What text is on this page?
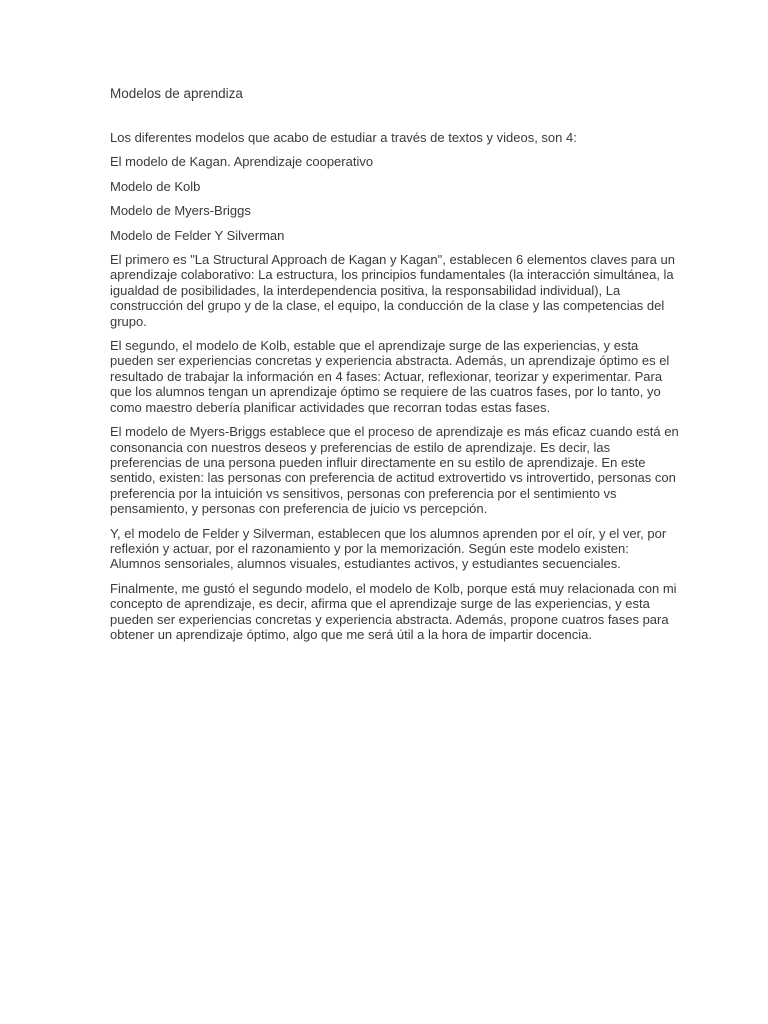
Modelos de aprendiza
Los diferentes modelos que acabo de estudiar a través de textos y videos, son 4:
El modelo de Kagan. Aprendizaje cooperativo
Modelo de Kolb
Modelo de Myers-Briggs
Modelo de Felder Y Silverman
El primero es "La Structural Approach de Kagan y Kagan", establecen 6 elementos claves para un aprendizaje colaborativo: La estructura, los principios fundamentales (la interacción simultánea, la igualdad de posibilidades, la interdependencia positiva, la responsabilidad individual), La construcción del grupo y de la clase, el equipo, la conducción de la clase y las competencias del grupo.
El segundo, el modelo de Kolb, estable que el aprendizaje surge de las experiencias, y esta pueden ser experiencias concretas y experiencia abstracta. Además, un aprendizaje óptimo es el resultado de trabajar la información en 4 fases: Actuar, reflexionar, teorizar y experimentar. Para que los alumnos tengan un aprendizaje óptimo se requiere de las cuatros fases, por lo tanto, yo como maestro debería planificar actividades que recorran todas estas fases.
El modelo de Myers-Briggs establece que el proceso de aprendizaje es más eficaz cuando está en consonancia con nuestros deseos y preferencias de estilo de aprendizaje. Es decir, las preferencias de una persona pueden influir directamente en su estilo de aprendizaje. En este sentido, existen: las personas con preferencia de actitud extrovertido vs introvertido, personas con preferencia por la intuición vs sensitivos, personas con preferencia por el sentimiento vs pensamiento, y personas con preferencia de juicio vs percepción.
Y, el modelo de Felder y Silverman, establecen que los alumnos aprenden por el oír, y el ver, por reflexión y actuar, por el razonamiento y por la memorización. Según este modelo existen: Alumnos sensoriales, alumnos visuales, estudiantes activos, y estudiantes secuenciales.
Finalmente, me gustó el segundo modelo, el modelo de Kolb, porque está muy relacionada con mi concepto de aprendizaje, es decir, afirma que el aprendizaje surge de las experiencias, y esta pueden ser experiencias concretas y experiencia abstracta. Además, propone cuatros fases para obtener un aprendizaje óptimo, algo que me será útil a la hora de impartir docencia.
